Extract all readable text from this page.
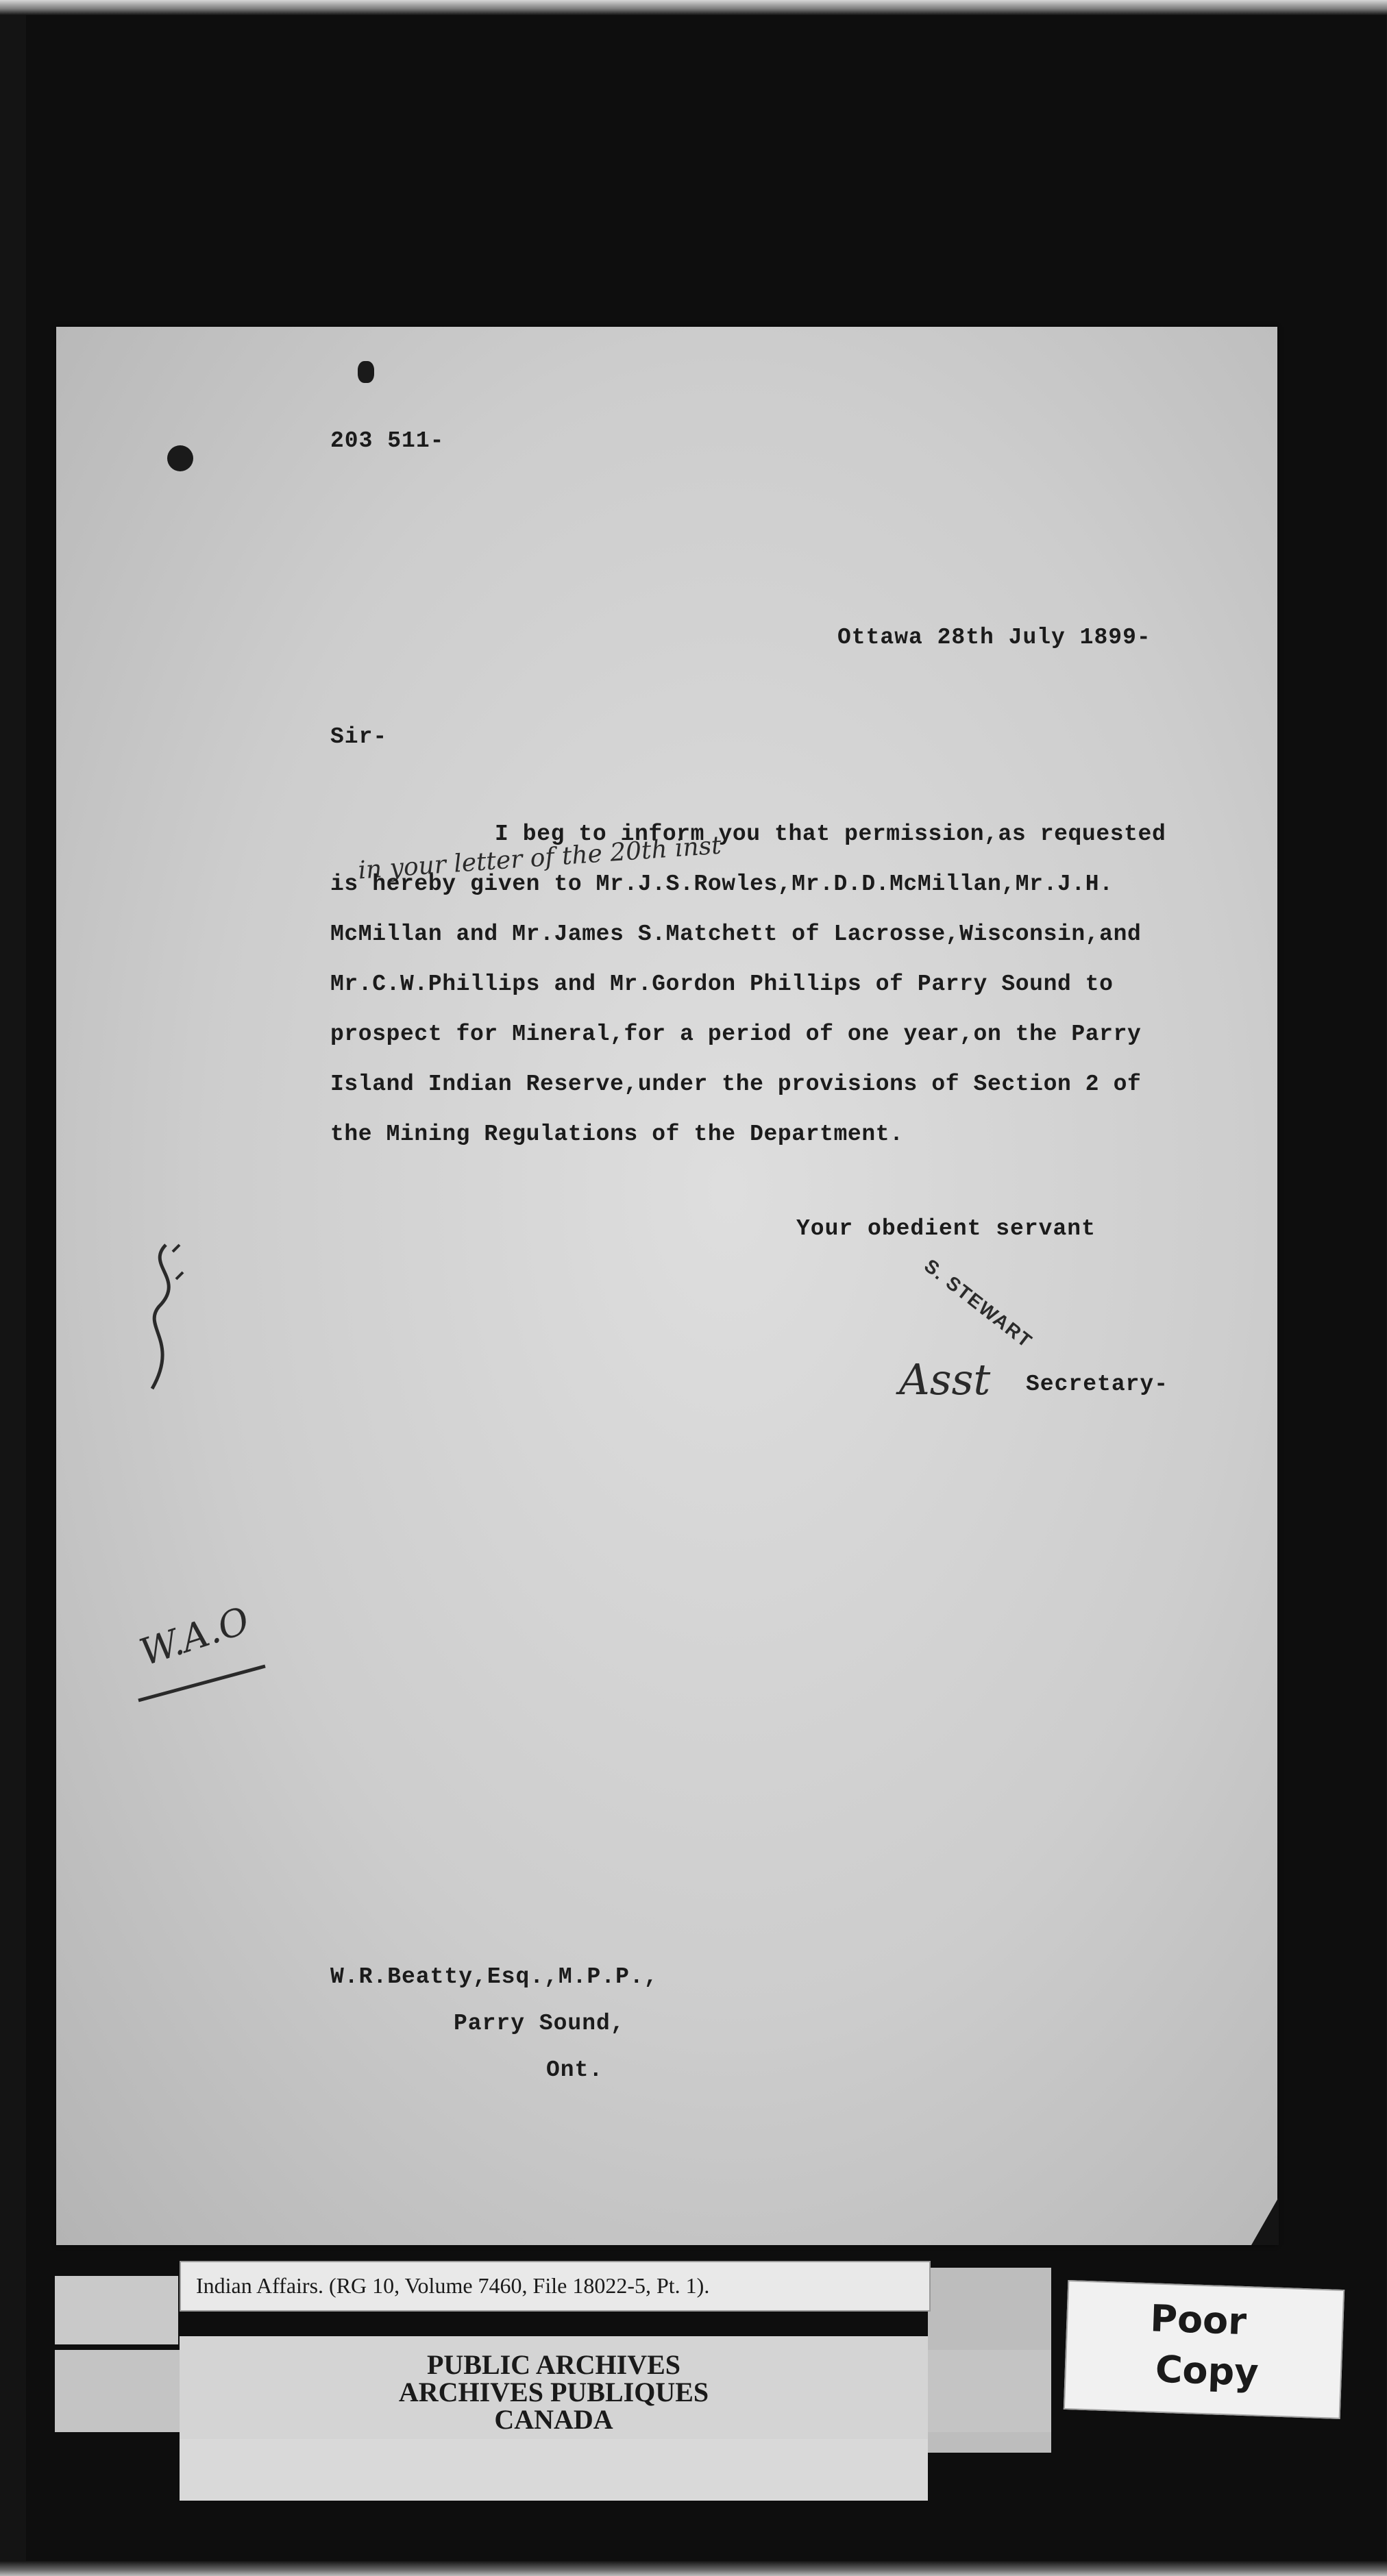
203 511-
Ottawa 28th July 1899-
Sir-
in your letter of the 20th inst
I beg to inform you that permission,as requested
is hereby given to Mr.J.S.Rowles,Mr.D.D.McMillan,Mr.J.H.
McMillan and Mr.James S.Matchett of Lacrosse,Wisconsin,and
Mr.C.W.Phillips and Mr.Gordon Phillips of Parry Sound to
prospect for Mineral,for a period of one year,on the Parry
Island Indian Reserve,under the provisions of Section 2 of
the Mining Regulations of the Department.
Your obedient servant
S. STEWART
Asst Secretary-
W.A.O
W.R.Beatty,Esq.,M.P.P.,
Parry Sound,
Ont.
Indian Affairs. (RG 10, Volume 7460, File 18022-5, Pt. 1).
PUBLIC ARCHIVES
ARCHIVES PUBLIQUES
CANADA
Poor
Copy
